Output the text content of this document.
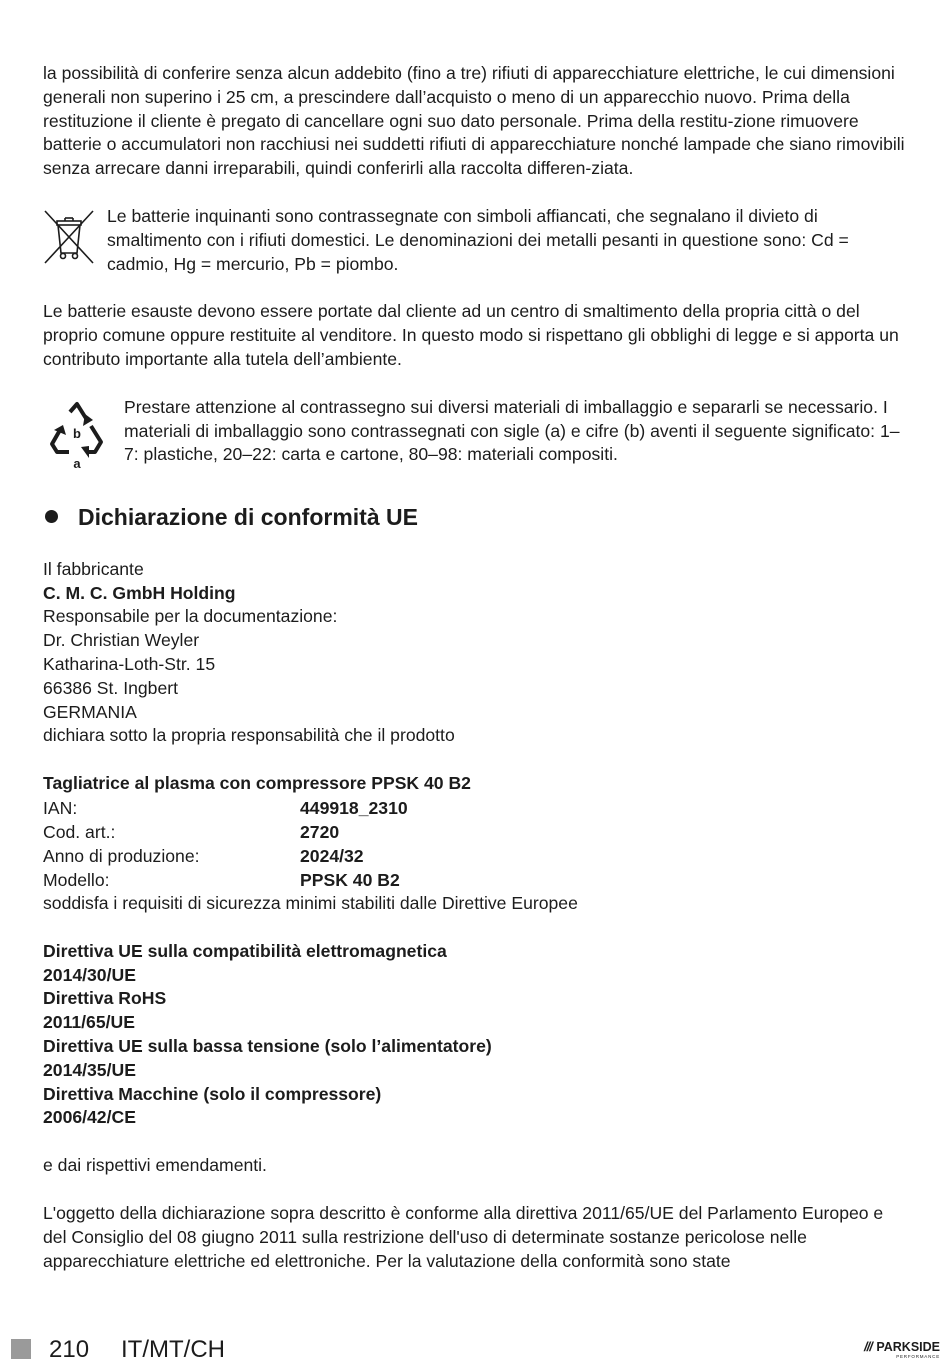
la possibilità di conferire senza alcun addebito (fino a tre) rifiuti di apparecchiature elettriche, le cui dimensioni generali non superino i 25 cm, a prescindere dall’acquisto o meno di un apparecchio nuovo. Prima della restituzione il cliente è pregato di cancellare ogni suo dato personale. Prima della restitu-zione rimuovere batterie o accumulatori non racchiusi nei suddetti rifiuti di apparecchiature nonché lampade che siano rimovibili senza arrecare danni irreparabili, quindi conferirli alla raccolta differen-ziata.

Le batterie inquinanti sono contrassegnate con simboli affiancati, che segnalano il divieto di smaltimento con i rifiuti domestici. Le denominazioni dei metalli pesanti in questione sono: Cd = cadmio, Hg = mercurio, Pb = piombo.

Le batterie esauste devono essere portate dal cliente ad un centro di smaltimento della propria città o del proprio comune oppure restituite al venditore. In questo modo si rispettano gli obblighi di legge e si apporta un contributo importante alla tutela dell’ambiente.

b
a

Prestare attenzione al contrassegno sui diversi materiali di imballaggio e separarli se necessario. I materiali di imballaggio sono contrassegnati con sigle (a) e cifre (b) aventi il seguente significato: 1–7: plastiche, 20–22: carta e cartone, 80–98: materiali compositi.

Dichiarazione di conformità UE

Il fabbricante

C. M. C. GmbH Holding

Responsabile per la documentazione:

Dr. Christian Weyler

Katharina-Loth-Str. 15

66386 St. Ingbert

GERMANIA

dichiara sotto la propria responsabilità che il prodotto

Tagliatrice al plasma con compressore PPSK 40 B2

IAN:	449918_2310
Cod. art.:	2720
Anno di produzione:	2024/32
Modello:	PPSK 40 B2

soddisfa i requisiti di sicurezza minimi stabiliti dalle Direttive Europee

Direttiva UE sulla compatibilità elettromagnetica

2014/30/UE

Direttiva RoHS

2011/65/UE

Direttiva UE sulla bassa tensione (solo l’alimentatore)

2014/35/UE

Direttiva Macchine (solo il compressore)

2006/42/CE

e dai rispettivi emendamenti.

L'oggetto della dichiarazione sopra descritto è conforme alla direttiva 2011/65/UE del Parlamento Europeo e del Consiglio del 08 giugno 2011 sulla restrizione dell'uso di determinate sostanze pericolose nelle apparecchiature elettriche ed elettroniche. Per la valutazione della conformità sono state

210 IT/MT/CH	/// PARKSIDE
PERFORMANCE
